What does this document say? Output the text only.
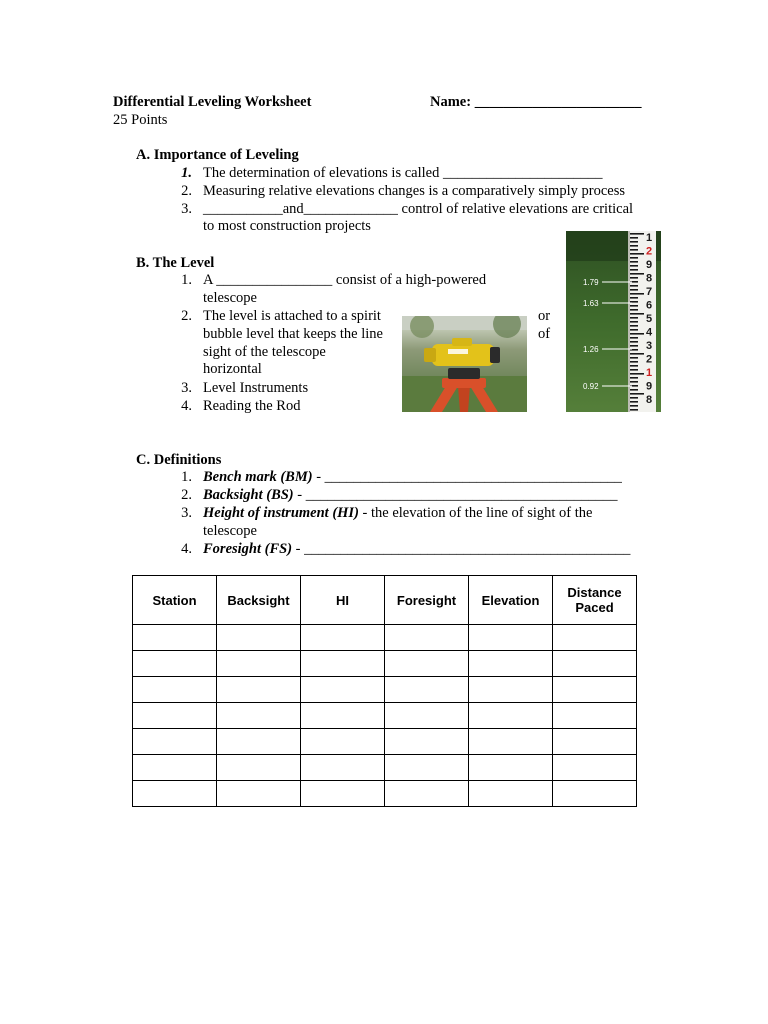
Differential Leveling Worksheet	Name: _______________________
25 Points
A. Importance of Leveling
1. The determination of elevations is called ______________________
2. Measuring relative elevations changes is a comparatively simply process
3. ___________and_____________ control of relative elevations are critical
to most construction projects
B. The Level
1. A ________________ consist of a high-powered
telescope
2. The level is attached to a spirit
bubble level that keeps the line
sight of the telescope
horizontal
or
of
3. Level Instruments
4. Reading the Rod
1
2
9
8
7
6
5
4
3
2
1
9
8
1.79
1.63
1.26
0.92
C. Definitions
1. Bench mark (BM) - _________________________________________
2. Backsight (BS) - ___________________________________________
3. Height of instrument (HI) - the elevation of the line of sight of the
telescope
4. Foresight (FS) - _____________________________________________
Station	Backsight	HI	Foresight	Elevation	Distance Paced
